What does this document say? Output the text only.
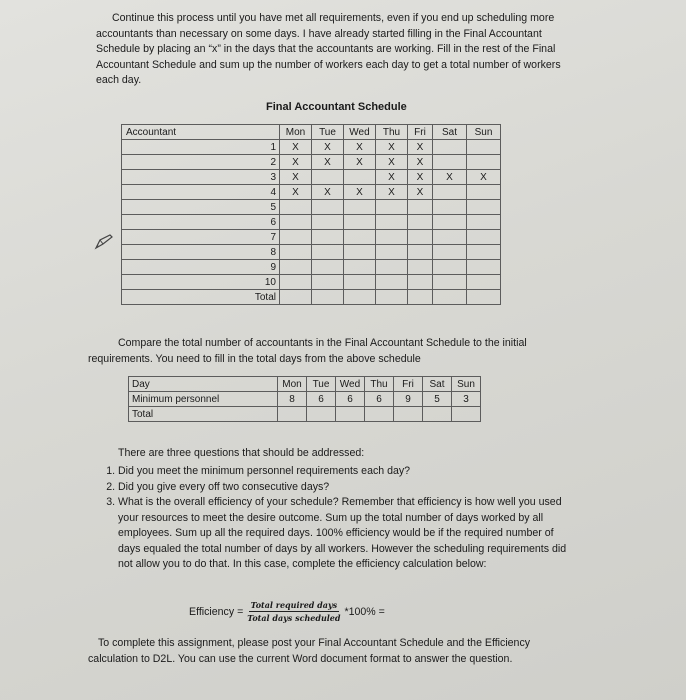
Continue this process until you have met all requirements, even if you end up scheduling more accountants than necessary on some days. I have already started filling in the Final Accountant Schedule by placing an “x” in the days that the accountants are working. Fill in the rest of the Final Accountant Schedule and sum up the number of workers each day to get a total number of workers each day.

Final Accountant Schedule
Accountant	Mon	Tue	Wed	Thu	Fri	Sat	Sun
1	X	X	X	X	X		
2	X	X	X	X	X		
3	X			X	X	X	X
4	X	X	X	X	X		
5							
6							
7							
8							
9							
10							
Total							

Compare the total number of accountants in the Final Accountant Schedule to the initial requirements. You need to fill in the total days from the above schedule

Day	Mon	Tue	Wed	Thu	Fri	Sat	Sun
Minimum personnel	8	6	6	6	9	5	3
Total							

There are three questions that should be addressed:

1. Did you meet the minimum personnel requirements each day?
2. Did you give every off two consecutive days?
3. What is the overall efficiency of your schedule? Remember that efficiency is how well you used your resources to meet the desire outcome. Sum up the total number of days worked by all employees. Sum up all the required days. 100% efficiency would be if the required number of days equaled the total number of days by all workers. However the scheduling requirements did not allow you to do that. In this case, complete the efficiency calculation below:
Efficiency = $\frac{\text{Total required days}}{\text{Total days scheduled}} *100\%$ =

To complete this assignment, please post your Final Accountant Schedule and the Efficiency calculation to D2L. You can use the current Word document format to answer the question.
